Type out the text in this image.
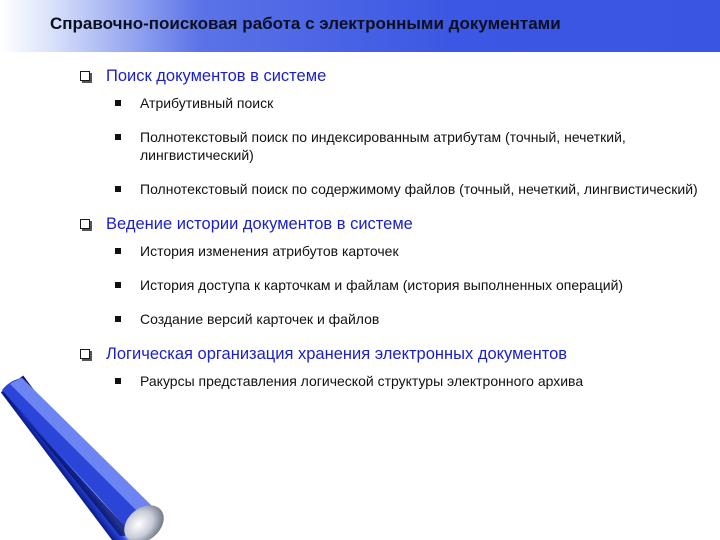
Справочно-поисковая работа с электронными документами
Поиск документов в системе
Атрибутивный поиск
Полнотекстовый поиск по индексированным атрибутам (точный, нечеткий, лингвистический)
Полнотекстовый поиск по содержимому файлов (точный, нечеткий, лингвистический)
Ведение истории документов в системе
История изменения атрибутов карточек
История доступа к карточкам и файлам (история выполненных операций)
Создание версий карточек и файлов
Логическая организация хранения электронных документов
Ракурсы представления логической структуры электронного архива
